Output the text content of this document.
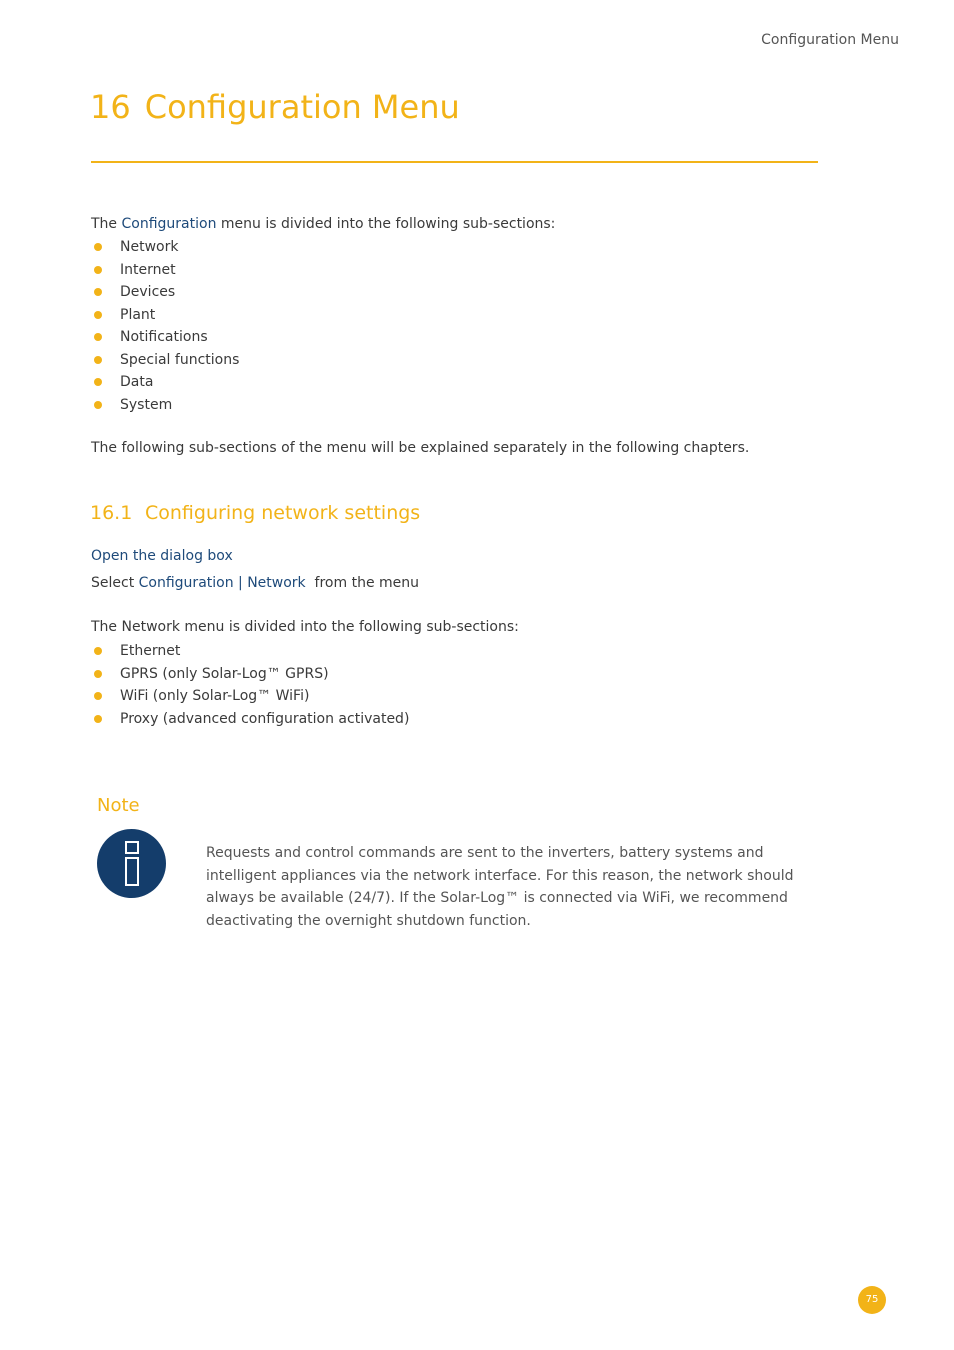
Configuration Menu
16 Configuration Menu
The Configuration menu is divided into the following sub-sections:
Network
Internet
Devices
Plant
Notifications
Special functions
Data
System
The following sub-sections of the menu will be explained separately in the following chapters.
16.1 Configuring network settings
Open the dialog box
Select Configuration | Network  from the menu
The Network menu is divided into the following sub-sections:
Ethernet
GPRS (only Solar-Log™ GPRS)
WiFi (only Solar-Log™ WiFi)
Proxy (advanced configuration activated)
Note
Requests and control commands are sent to the inverters, battery systems and intelligent appliances via the network interface. For this reason, the network should always be available (24/7). If the Solar-Log™ is connected via WiFi, we recommend deactivating the overnight shutdown function.
75
